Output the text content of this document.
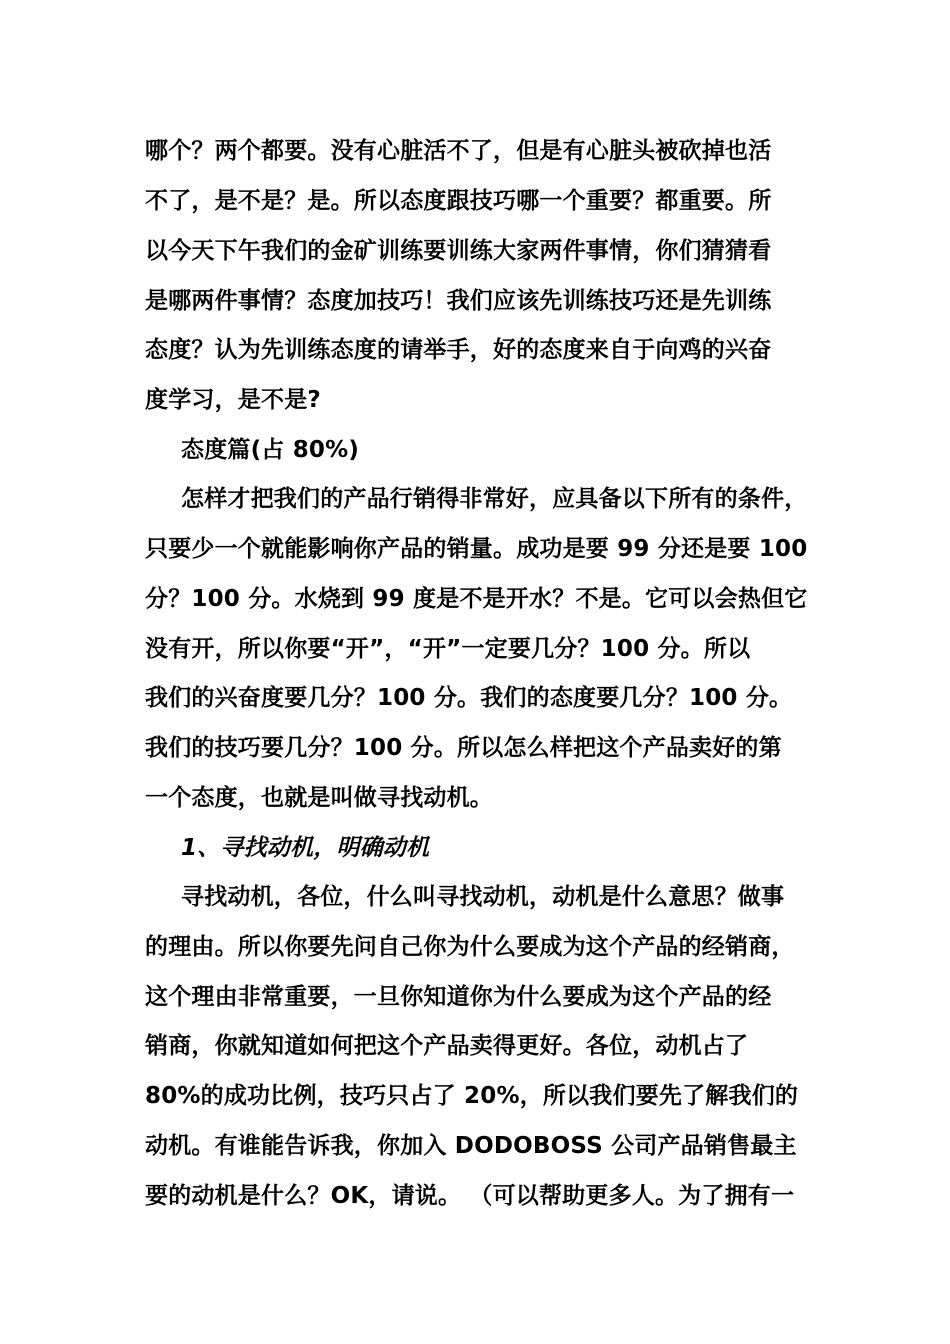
哪个？两个都要。没有心脏活不了，但是有心脏头被砍掉也活
不了，是不是？是。所以态度跟技巧哪一个重要？都重要。所
以今天下午我们的金矿训练要训练大家两件事情，你们猜猜看
是哪两件事情？态度加技巧！我们应该先训练技巧还是先训练
态度？认为先训练态度的请举手，好的态度来自于向鸡的兴奋
度学习，是不是?
态度篇(占 80%)
怎样才把我们的产品行销得非常好，应具备以下所有的条件，
只要少一个就能影响你产品的销量。成功是要 99 分还是要 100
分？100 分。水烧到 99 度是不是开水？不是。它可以会热但它
没有开，所以你要“开”，“开”一定要几分？100 分。所以
我们的兴奋度要几分？100 分。我们的态度要几分？100 分。
我们的技巧要几分？100 分。所以怎么样把这个产品卖好的第
一个态度，也就是叫做寻找动机。
1、寻找动机，明确动机
寻找动机，各位，什么叫寻找动机，动机是什么意思？做事
的理由。所以你要先问自己你为什么要成为这个产品的经销商，
这个理由非常重要，一旦你知道你为什么要成为这个产品的经
销商，你就知道如何把这个产品卖得更好。各位，动机占了
80%的成功比例，技巧只占了 20%，所以我们要先了解我们的
动机。有谁能告诉我，你加入 DODOBOSS 公司产品销售最主
要的动机是什么？OK，请说。 （可以帮助更多人。为了拥有一
